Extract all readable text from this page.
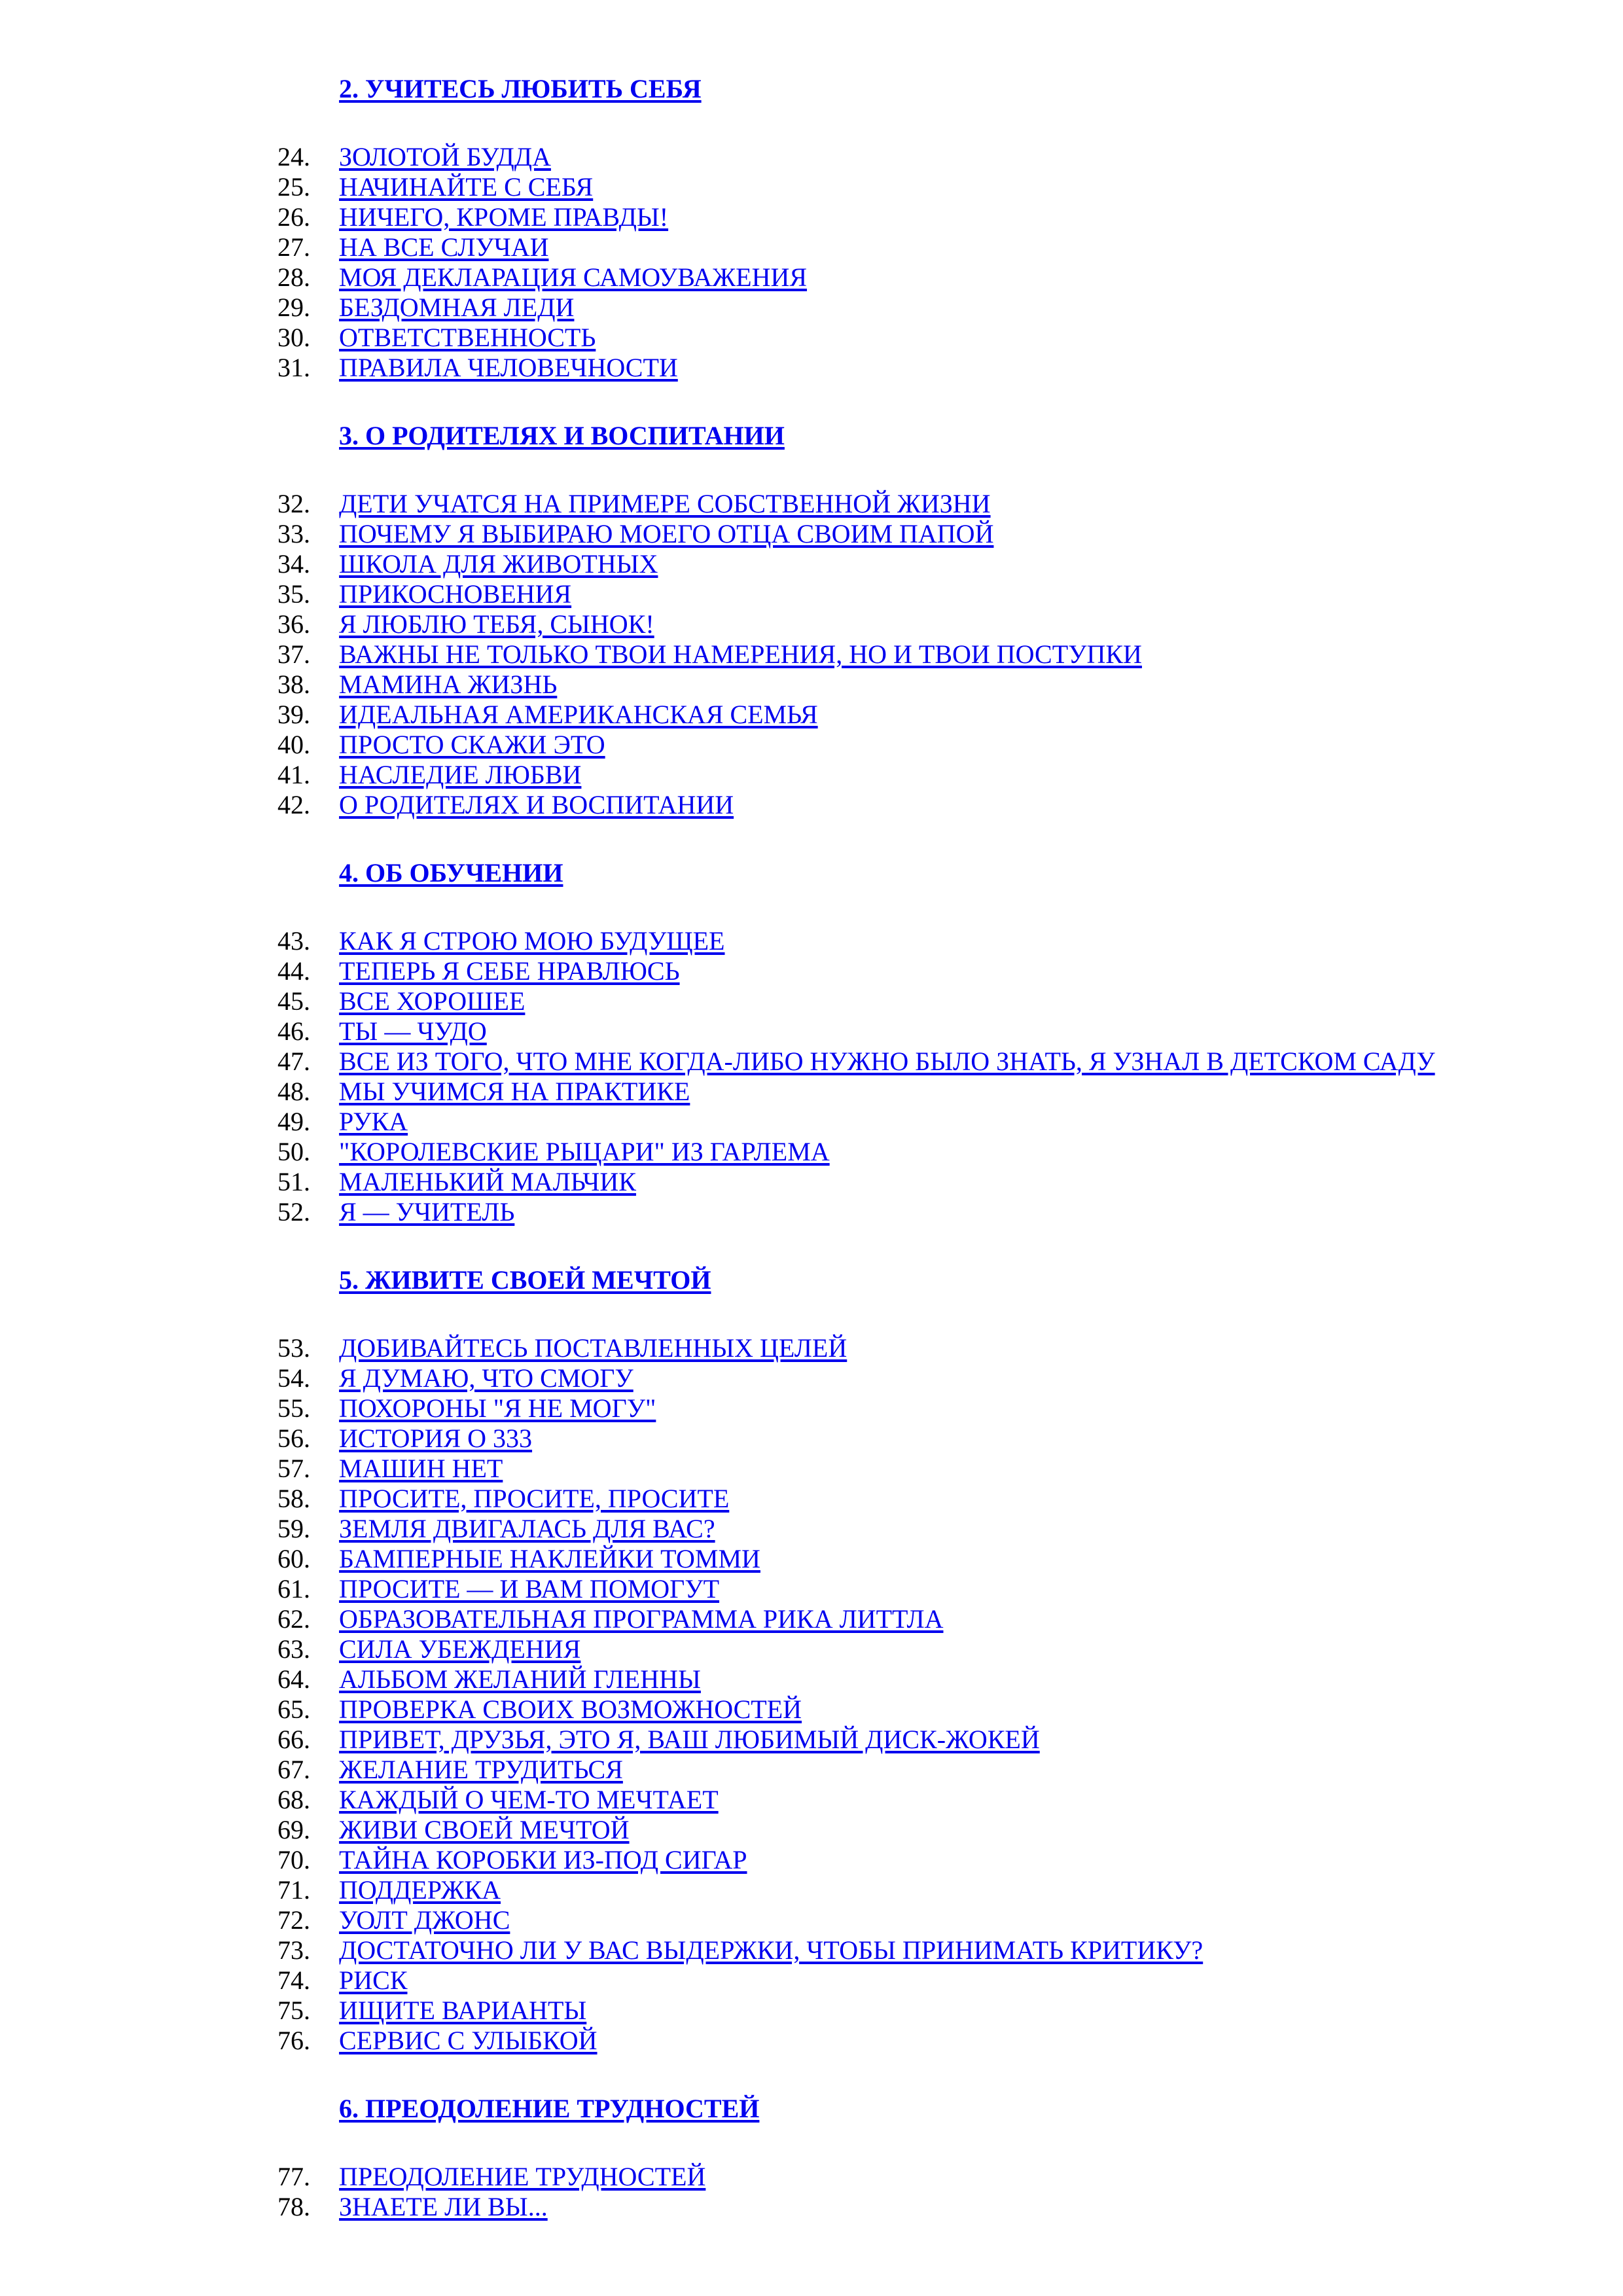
2. УЧИТЕСЬ ЛЮБИТЬ СЕБЯ
24.	ЗОЛОТОЙ БУДДА
25.	НАЧИНАЙТЕ С СЕБЯ
26.	НИЧЕГО, КРОМЕ ПРАВДЫ!
27.	НА ВСЕ СЛУЧАИ
28.	МОЯ ДЕКЛАРАЦИЯ САМОУВАЖЕНИЯ
29.	БЕЗДОМНАЯ ЛЕДИ
30.	ОТВЕТСТВЕННОСТЬ
31.	ПРАВИЛА ЧЕЛОВЕЧНОСТИ
3. О РОДИТЕЛЯХ И ВОСПИТАНИИ
32.	ДЕТИ УЧАТСЯ НА ПРИМЕРЕ СОБСТВЕННОЙ ЖИЗНИ
33.	ПОЧЕМУ Я ВЫБИРАЮ МОЕГО ОТЦА СВОИМ ПАПОЙ
34.	ШКОЛА ДЛЯ ЖИВОТНЫХ
35.	ПРИКОСНОВЕНИЯ
36.	Я ЛЮБЛЮ ТЕБЯ, СЫНОК!
37.	ВАЖНЫ НЕ ТОЛЬКО ТВОИ НАМЕРЕНИЯ, НО И ТВОИ ПОСТУПКИ
38.	МАМИНА ЖИЗНЬ
39.	ИДЕАЛЬНАЯ АМЕРИКАНСКАЯ СЕМЬЯ
40.	ПРОСТО СКАЖИ ЭТО
41.	НАСЛЕДИЕ ЛЮБВИ
42.	О РОДИТЕЛЯХ И ВОСПИТАНИИ
4. ОБ ОБУЧЕНИИ
43.	КАК Я СТРОЮ МОЮ БУДУЩЕЕ
44.	ТЕПЕРЬ Я СЕБЕ НРАВЛЮСЬ
45.	ВСЕ ХОРОШЕЕ
46.	ТЫ — ЧУДО
47.	ВСЕ ИЗ ТОГО, ЧТО МНЕ КОГДА-ЛИБО НУЖНО БЫЛО ЗНАТЬ, Я УЗНАЛ В ДЕТСКОМ САДУ
48.	МЫ УЧИМСЯ НА ПРАКТИКЕ
49.	РУКА
50.	"КОРОЛЕВСКИЕ РЫЦАРИ" ИЗ ГАРЛЕМА
51.	МАЛЕНЬКИЙ МАЛЬЧИК
52.	Я — УЧИТЕЛЬ
5. ЖИВИТЕ СВОЕЙ МЕЧТОЙ
53.	ДОБИВАЙТЕСЬ ПОСТАВЛЕННЫХ ЦЕЛЕЙ
54.	Я ДУМАЮ, ЧТО СМОГУ
55.	ПОХОРОНЫ "Я НЕ МОГУ"
56.	ИСТОРИЯ О 333
57.	МАШИН НЕТ
58.	ПРОСИТЕ, ПРОСИТЕ, ПРОСИТЕ
59.	ЗЕМЛЯ ДВИГАЛАСЬ ДЛЯ ВАС?
60.	БАМПЕРНЫЕ НАКЛЕЙКИ ТОММИ
61.	ПРОСИТЕ — И ВАМ ПОМОГУТ
62.	ОБРАЗОВАТЕЛЬНАЯ ПРОГРАММА РИКА ЛИТТЛА
63.	СИЛА УБЕЖДЕНИЯ
64.	АЛЬБОМ ЖЕЛАНИЙ ГЛЕННЫ
65.	ПРОВЕРКА СВОИХ ВОЗМОЖНОСТЕЙ
66.	ПРИВЕТ, ДРУЗЬЯ, ЭТО Я, ВАШ ЛЮБИМЫЙ ДИСК-ЖОКЕЙ
67.	ЖЕЛАНИЕ ТРУДИТЬСЯ
68.	КАЖДЫЙ О ЧЕМ-ТО МЕЧТАЕТ
69.	ЖИВИ СВОЕЙ МЕЧТОЙ
70.	ТАЙНА КОРОБКИ ИЗ-ПОД СИГАР
71.	ПОДДЕРЖКА
72.	УОЛТ ДЖОНС
73.	ДОСТАТОЧНО ЛИ У ВАС ВЫДЕРЖКИ, ЧТОБЫ ПРИНИМАТЬ КРИТИКУ?
74.	РИСК
75.	ИЩИТЕ ВАРИАНТЫ
76.	СЕРВИС С УЛЫБКОЙ
6. ПРЕОДОЛЕНИЕ ТРУДНОСТЕЙ
77.	ПРЕОДОЛЕНИЕ ТРУДНОСТЕЙ
78.	ЗНАЕТЕ ЛИ ВЫ...
